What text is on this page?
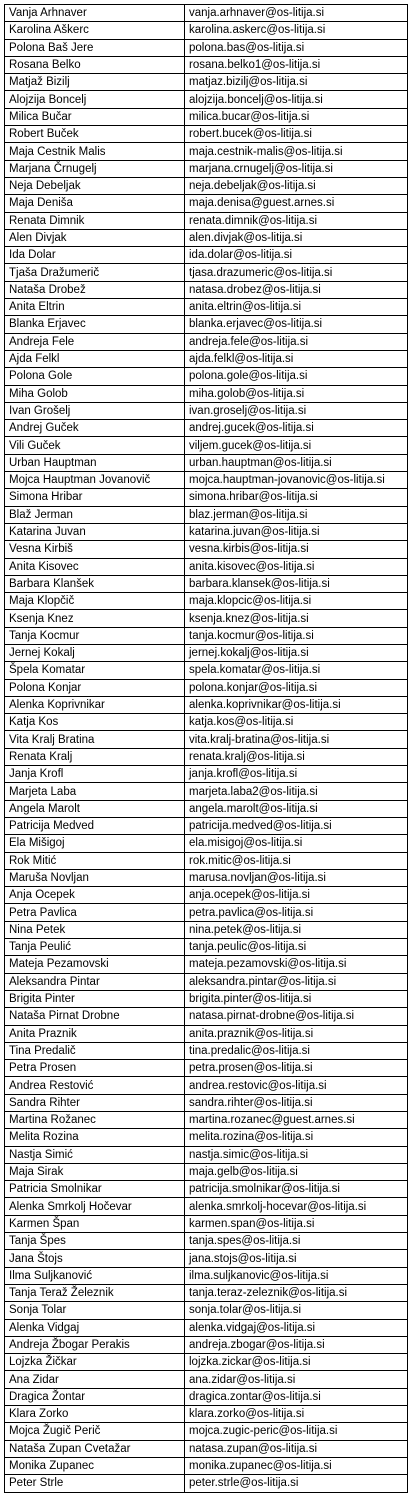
Vanja Arhnaver	vanja.arhnaver@os-litija.si
Karolina Aškerc	karolina.askerc@os-litija.si
Polona Baš Jere	polona.bas@os-litija.si
Rosana Belko	rosana.belko1@os-litija.si
Matjaž Bizilj	matjaz.bizilj@os-litija.si
Alojzija Boncelj	alojzija.boncelj@os-litija.si
Milica Bučar	milica.bucar@os-litija.si
Robert Buček	robert.bucek@os-litija.si
Maja Cestnik Malis	maja.cestnik-malis@os-litija.si
Marjana Črnugelj	marjana.crnugelj@os-litija.si
Neja Debeljak	neja.debeljak@os-litija.si
Maja Deniša	maja.denisa@guest.arnes.si
Renata Dimnik	renata.dimnik@os-litija.si
Alen Divjak	alen.divjak@os-litija.si
Ida Dolar	ida.dolar@os-litija.si
Tjaša Dražumerič	tjasa.drazumeric@os-litija.si
Nataša Drobež	natasa.drobez@os-litija.si
Anita Eltrin	anita.eltrin@os-litija.si
Blanka Erjavec	blanka.erjavec@os-litija.si
Andreja Fele	andreja.fele@os-litija.si
Ajda Felkl	ajda.felkl@os-litija.si
Polona Gole	polona.gole@os-litija.si
Miha Golob	miha.golob@os-litija.si
Ivan Grošelj	ivan.groselj@os-litija.si
Andrej Guček	andrej.gucek@os-litija.si
Vili Guček	viljem.gucek@os-litija.si
Urban Hauptman	urban.hauptman@os-litija.si
Mojca Hauptman Jovanovič	mojca.hauptman-jovanovic@os-litija.si
Simona Hribar	simona.hribar@os-litija.si
Blaž Jerman	blaz.jerman@os-litija.si
Katarina Juvan	katarina.juvan@os-litija.si
Vesna Kirbiš	vesna.kirbis@os-litija.si
Anita Kisovec	anita.kisovec@os-litija.si
Barbara Klanšek	barbara.klansek@os-litija.si
Maja Klopčič	maja.klopcic@os-litija.si
Ksenja Knez	ksenja.knez@os-litija.si
Tanja Kocmur	tanja.kocmur@os-litija.si
Jernej Kokalj	jernej.kokalj@os-litija.si
Špela Komatar	spela.komatar@os-litija.si
Polona Konjar	polona.konjar@os-litija.si
Alenka Koprivnikar	alenka.koprivnikar@os-litija.si
Katja Kos	katja.kos@os-litija.si
Vita Kralj Bratina	vita.kralj-bratina@os-litija.si
Renata Kralj	renata.kralj@os-litija.si
Janja Krofl	janja.krofl@os-litija.si
Marjeta Laba	marjeta.laba2@os-litija.si
Angela Marolt	angela.marolt@os-litija.si
Patricija Medved	patricija.medved@os-litija.si
Ela Mišigoj	ela.misigoj@os-litija.si
Rok Mitić	rok.mitic@os-litija.si
Maruša Novljan	marusa.novljan@os-litija.si
Anja Ocepek	anja.ocepek@os-litija.si
Petra Pavlica	petra.pavlica@os-litija.si
Nina Petek	nina.petek@os-litija.si
Tanja Peulić	tanja.peulic@os-litija.si
Mateja Pezamovski	mateja.pezamovski@os-litija.si
Aleksandra Pintar	aleksandra.pintar@os-litija.si
Brigita Pinter	brigita.pinter@os-litija.si
Nataša Pirnat Drobne	natasa.pirnat-drobne@os-litija.si
Anita Praznik	anita.praznik@os-litija.si
Tina Predalič	tina.predalic@os-litija.si
Petra Prosen	petra.prosen@os-litija.si
Andrea Restović	andrea.restovic@os-litija.si
Sandra Rihter	sandra.rihter@os-litija.si
Martina Rožanec	martina.rozanec@guest.arnes.si
Melita Rozina	melita.rozina@os-litija.si
Nastja Simić	nastja.simic@os-litija.si
Maja Sirak	maja.gelb@os-litija.si
Patricia Smolnikar	patricija.smolnikar@os-litija.si
Alenka Smrkolj Hočevar	alenka.smrkolj-hocevar@os-litija.si
Karmen Špan	karmen.span@os-litija.si
Tanja Špes	tanja.spes@os-litija.si
Jana Štojs	jana.stojs@os-litija.si
Ilma Suljkanović	ilma.suljkanovic@os-litija.si
Tanja Teraž Železnik	tanja.teraz-zeleznik@os-litija.si
Sonja Tolar	sonja.tolar@os-litija.si
Alenka Vidgaj	alenka.vidgaj@os-litija.si
Andreja Žbogar Perakis	andreja.zbogar@os-litija.si
Lojzka Žičkar	lojzka.zickar@os-litija.si
Ana Zidar	ana.zidar@os-litija.si
Dragica Žontar	dragica.zontar@os-litija.si
Klara Zorko	klara.zorko@os-litija.si
Mojca Žugič Perič	mojca.zugic-peric@os-litija.si
Nataša Zupan Cvetažar	natasa.zupan@os-litija.si
Monika Zupanec	monika.zupanec@os-litija.si
Peter Strle	peter.strle@os-litija.si
